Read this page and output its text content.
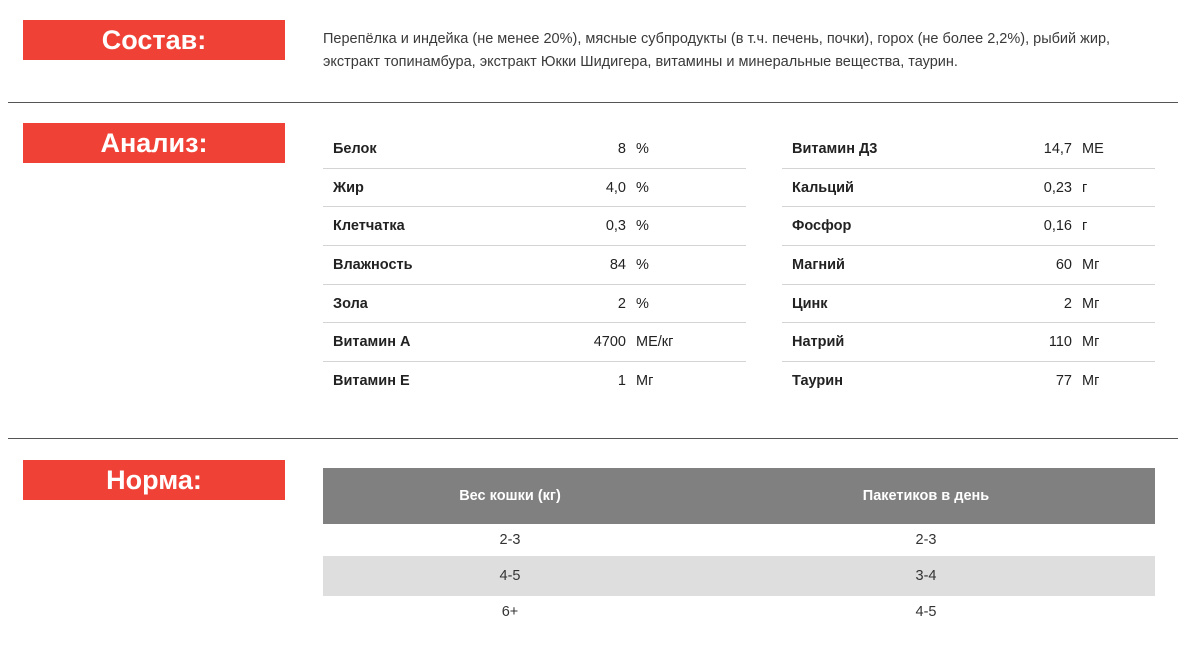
Состав:	Перепёлка и индейка (не менее 20%), мясные субпродукты (в т.ч. печень, почки), горох (не более 2,2%), рыбий жир, экстракт топинамбура, экстракт Юкки Шидигера, витамины и минеральные вещества, таурин.
Анализ:	Белок	8 %
Жир	4,0 %
Клетчатка	0,3 %
Влажность	84 %
Зола	2 %
Витамин А	4700 МЕ/кг
Витамин Е	1 Мг
Витамин Д3	14,7 МЕ
Кальций	0,23 г
Фосфор	0,16 г
Магний	60 Мг
Цинк	2 Мг
Натрий	110 Мг
Таурин	77 Мг
Норма:
Вес кошки (кг)	Пакетиков в день
2-3	2-3
4-5	3-4
6+	4-5
